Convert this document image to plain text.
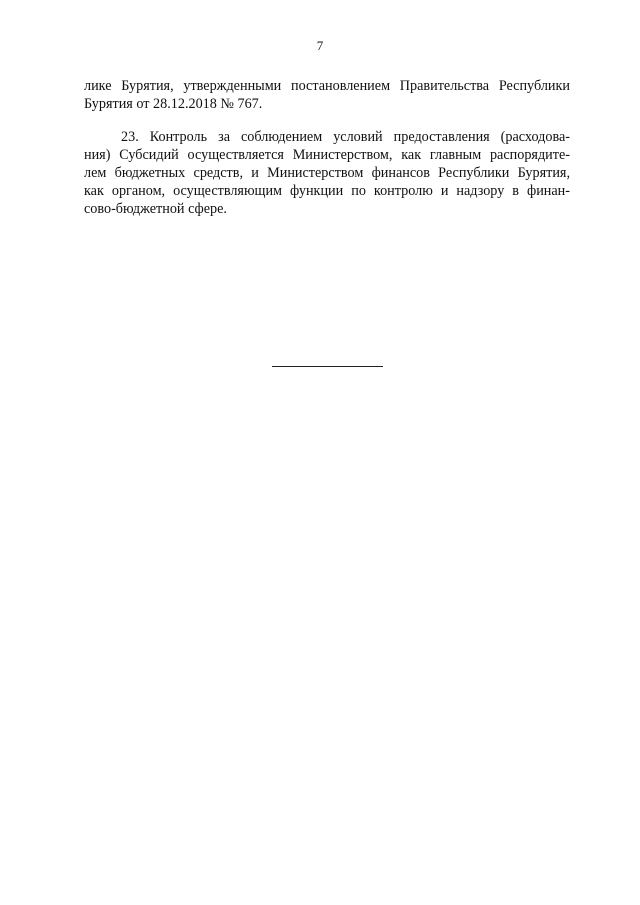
7
лике Бурятия, утвержденными постановлением Правительства Республики
Бурятия от 28.12.2018 № 767.
23. Контроль за соблюдением условий предоставления (расходова-
ния) Субсидий осуществляется Министерством, как главным распорядите-
лем бюджетных средств, и Министерством финансов Республики Бурятия,
как органом, осуществляющим функции по контролю и надзору в финан-
сово-бюджетной сфере.
